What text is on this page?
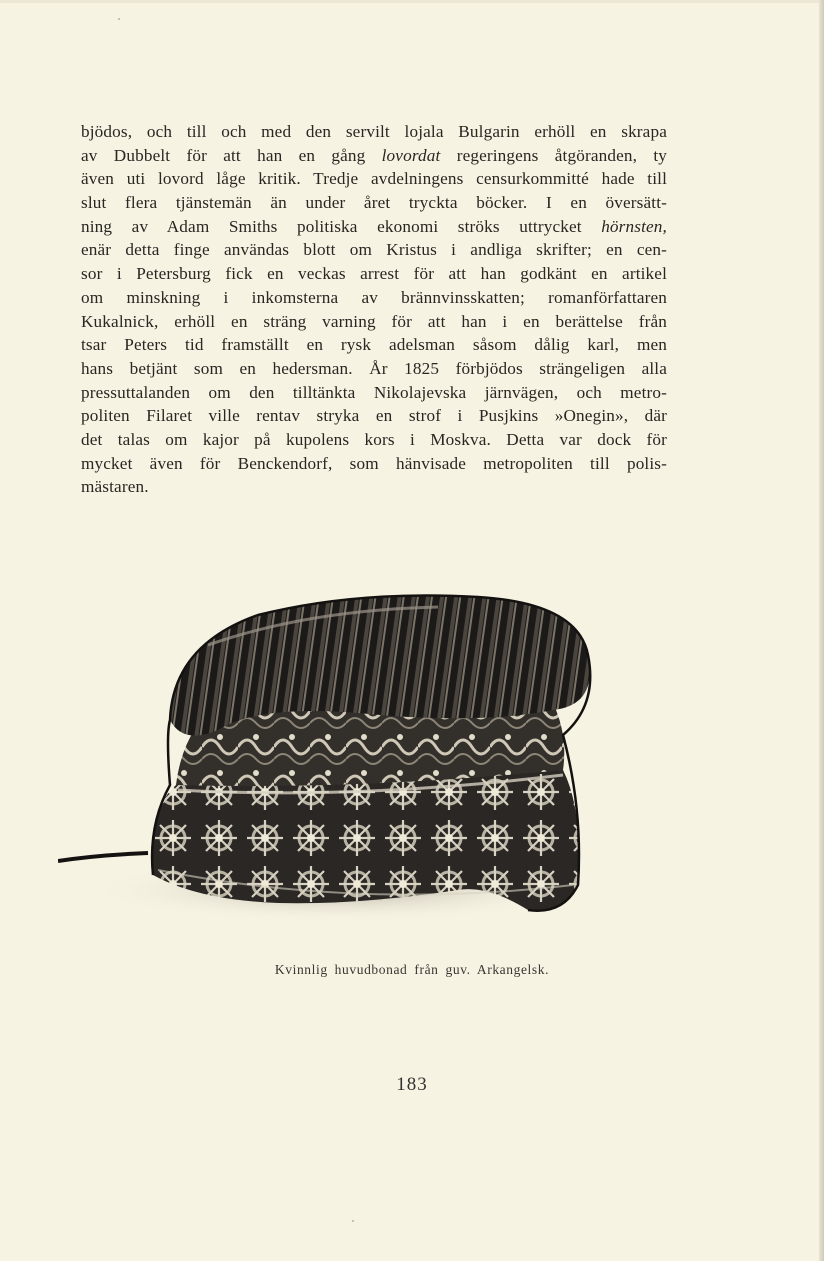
bjödos, och till och med den servilt lojala Bulgarin erhöll en skrapa
av Dubbelt för att han en gång lovordat regeringens åtgöranden, ty
även uti lovord låge kritik. Tredje avdelningens censurkommitté hade till
slut flera tjänstemän än under året tryckta böcker. I en översätt-
ning av Adam Smiths politiska ekonomi ströks uttrycket hörnsten,
enär detta finge användas blott om Kristus i andliga skrifter; en cen-
sor i Petersburg fick en veckas arrest för att han godkänt en artikel
om minskning i inkomsterna av brännvinsskatten; romanförfattaren
Kukalnick, erhöll en sträng varning för att han i en berättelse från
tsar Peters tid framställt en rysk adelsman såsom dålig karl, men
hans betjänt som en hedersman. År 1825 förbjödos strängeligen alla
pressuttalanden om den tilltänkta Nikolajevska järnvägen, och metro-
politen Filaret ville rentav stryka en strof i Pusjkins »Onegin», där
det talas om kajor på kupolens kors i Moskva. Detta var dock för
mycket även för Benckendorf, som hänvisade metropoliten till polis-
mästaren.
Kvinnlig huvudbonad från guv. Arkangelsk.
183
